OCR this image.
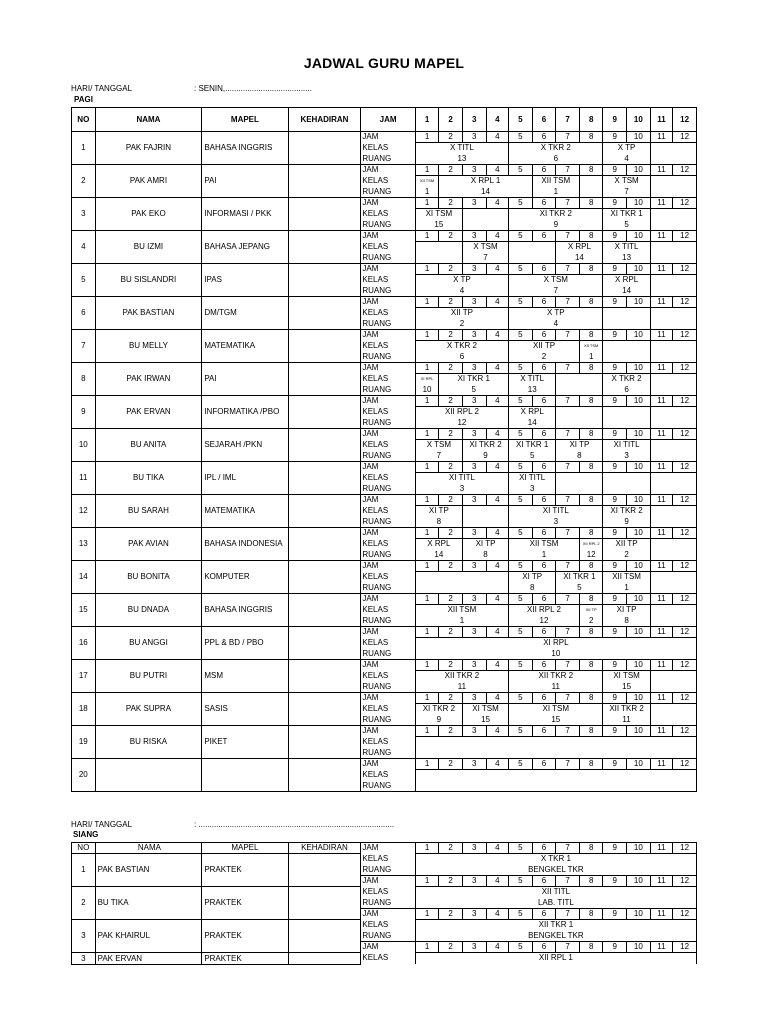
JADWAL GURU MAPEL
HARI/ TANGGAL	: SENIN,.......................................
PAGI
NO	NAMA	MAPEL	KEHADIRAN	JAM	1	2	3	4	5	6	7	8	9	10	11	12
1	PAK FAJRIN	BAHASA INGGRIS		JAM	1	2	3	4	5	6	7	8	9	10	11	12
				KELAS	X TITL				X TKR 2				X TP			
				RUANG	13				6				4			
2	PAK AMRI	PAI		JAM	1	2	3	4	5	6	7	8	9	10	11	12
				KELAS	XII TSM	X RPL 1				XII TSM			X TSM			
				RUANG	1	14				1			7			
3	PAK EKO	INFORMASI / PKK		JAM	1	2	3	4	5	6	7	8	9	10	11	12
				KELAS	XI TSM				XI TKR 2				XI TKR 1			
				RUANG	15				9				5			
4	BU IZMI	BAHASA JEPANG		JAM	1	2	3	4	5	6	7	8	9	10	11	12
				KELAS			X TSM				X RPL		X TITL			
				RUANG			7				14		13			
5	BU SISLANDRI	IPAS		JAM	1	2	3	4	5	6	7	8	9	10	11	12
				KELAS	X TP				X TSM				X RPL			
				RUANG	4				7				14			
6	PAK BASTIAN	DM/TGM		JAM	1	2	3	4	5	6	7	8	9	10	11	12
				KELAS	XII TP				X TP							
				RUANG	2				4							
7	BU MELLY	MATEMATIKA		JAM	1	2	3	4	5	6	7	8	9	10	11	12
				KELAS	X TKR 2				XII TP			XII TSM				
				RUANG	6				2			1				
8	PAK IRWAN	PAI		JAM	1	2	3	4	5	6	7	8	9	10	11	12
				KELAS	XI RPL	XI TKR 1			X TITL				X TKR 2			
				RUANG	10	5			13				6			
9	PAK ERVAN	INFORMATIKA /PBO		JAM	1	2	3	4	5	6	7	8	9	10	11	12
				KELAS	XII RPL 2				X RPL							
				RUANG	12				14							
10	BU ANITA	SEJARAH /PKN		JAM	1	2	3	4	5	6	7	8	9	10	11	12
				KELAS	X TSM		XI TKR 2		XI TKR 1		XI TP		XI TITL			
				RUANG	7		9		5		8		3			
11	BU TIKA	IPL / IML		JAM	1	2	3	4	5	6	7	8	9	10	11	12
				KELAS	XI TITL				XI TITL							
				RUANG	3				3							
12	BU SARAH	MATEMATIKA		JAM	1	2	3	4	5	6	7	8	9	10	11	12
				KELAS	XI TP				XI TITL				XI TKR 2			
				RUANG	8				3				9			
13	PAK AVIAN	BAHASA INDONESIA		JAM	1	2	3	4	5	6	7	8	9	10	11	12
				KELAS	X RPL		XI TP		XII TSM			XII RPL 2	XII TP			
				RUANG	14		8		1			12	2			
14	BU BONITA	KOMPUTER		JAM	1	2	3	4	5	6	7	8	9	10	11	12
				KELAS					XI TP		XI TKR 1		XII TSM			
				RUANG					8		5		1			
15	BU DNADA	BAHASA INGGRIS		JAM	1	2	3	4	5	6	7	8	9	10	11	12
				KELAS	XII TSM				XII RPL 2			XII TP	XI TP			
				RUANG	1				12			2	8			
16	BU ANGGI	PPL & BD / PBO		JAM	1	2	3	4	5	6	7	8	9	10	11	12
				KELAS	XI RPL											
				RUANG	10											
17	BU PUTRI	MSM		JAM	1	2	3	4	5	6	7	8	9	10	11	12
				KELAS	XII TKR 2				XII TKR 2				XI TSM			
				RUANG	11				11				15			
18	PAK SUPRA	SASIS		JAM	1	2	3	4	5	6	7	8	9	10	11	12
				KELAS	XI TKR 2		XI TSM		XI TSM				XII TKR 2			
				RUANG	9		15		15				11			
19	BU RISKA	PIKET		JAM	1	2	3	4	5	6	7	8	9	10	11	12
				KELAS												
				RUANG												
20				JAM	1	2	3	4	5	6	7	8	9	10	11	12
				KELAS												
				RUANG												
HARI/ TANGGAL	: ........................................................................................
SIANG
NO	NAMA	MAPEL	KEHADIRAN	JAM	1	2	3	4	5	6	7	8	9	10	11	12
1	PAK BASTIAN	PRAKTEK		KELAS	X TKR 1											
				RUANG	BENGKEL TKR											
				JAM	1	2	3	4	5	6	7	8	9	10	11	12
2	BU TIKA	PRAKTEK		KELAS	XII TITL											
				RUANG	LAB. TITL											
				JAM	1	2	3	4	5	6	7	8	9	10	11	12
3	PAK KHAIRUL	PRAKTEK		KELAS	XII TKR 1											
				RUANG	BENGKEL TKR											
				JAM	1	2	3	4	5	6	7	8	9	10	11	12
3	PAK ERVAN	PRAKTEK		KELAS	XII RPL 1											
